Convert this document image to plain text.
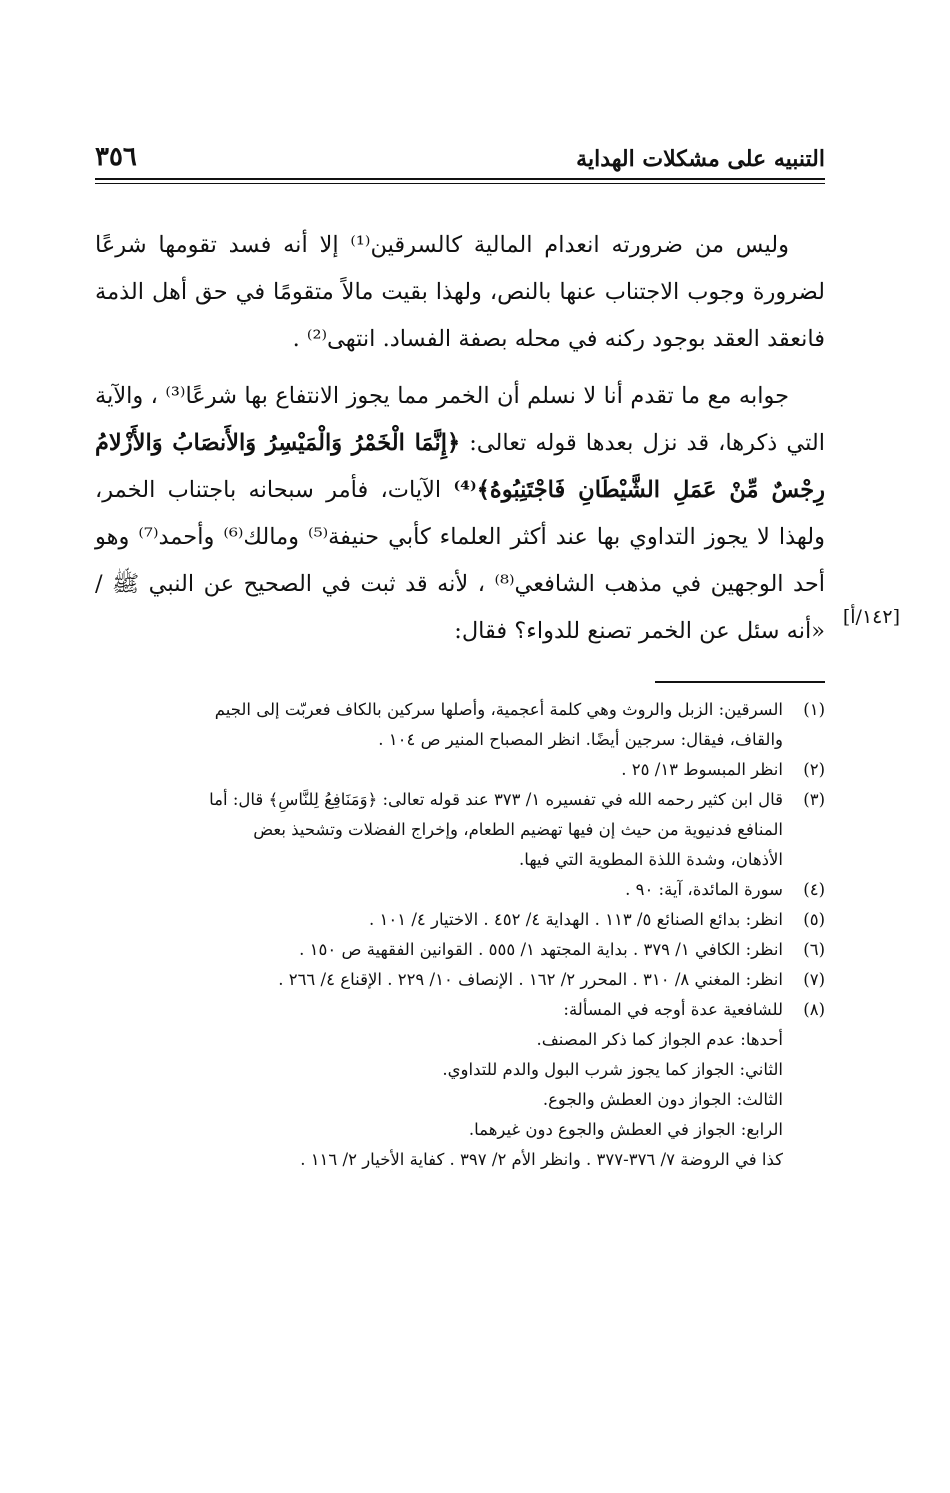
التنبيه على مشكلات الهداية
٣٥٦

وليس من ضرورته انعدام المالية كالسرقين⁽¹⁾ إلا أنه فسد تقومها شرعًا لضرورة وجوب الاجتناب عنها بالنص، ولهذا بقيت مالاً متقومًا في حق أهل الذمة فانعقد العقد بوجود ركنه في محله بصفة الفساد. انتهى⁽²⁾ .

جوابه مع ما تقدم أنا لا نسلم أن الخمر مما يجوز الانتفاع بها شرعًا⁽³⁾ ، والآية التي ذكرها، قد نزل بعدها قوله تعالى: ﴿إِنَّمَا الْخَمْرُ وَالْمَيْسِرُ وَالأَنصَابُ وَالأَزْلامُ رِجْسٌ مِّنْ عَمَلِ الشَّيْطَانِ فَاجْتَنِبُوهُ﴾⁽⁴⁾ الآيات، فأمر سبحانه باجتناب الخمر، ولهذا لا يجوز التداوي بها عند أكثر العلماء كأبي حنيفة⁽⁵⁾ ومالك⁽⁶⁾ وأحمد⁽⁷⁾ وهو أحد الوجهين في مذهب الشافعي⁽⁸⁾ ، لأنه قد ثبت في الصحيح عن النبي ﷺ / «أنه سئل عن الخمر تصنع للدواء؟ فقال:

[١٤٢/أ]
(١)
السرقين: الزبل والروث وهي كلمة أعجمية، وأصلها سركين بالكاف فعربّت إلى الجيم
والقاف، فيقال: سرجين أيضًا. انظر المصباح المنير ص ١٠٤ .
(٢)
انظر المبسوط ١٣/ ٢٥ .
(٣)
قال ابن كثير رحمه الله في تفسيره ١/ ٣٧٣ عند قوله تعالى: ﴿وَمَنَافِعُ لِلنَّاسِ﴾ قال: أما
المنافع فدنيوية من حيث إن فيها تهضيم الطعام، وإخراج الفضلات وتشحيذ بعض
الأذهان، وشدة اللذة المطوية التي فيها.
(٤)
سورة المائدة، آية: ٩٠ .
(٥)
انظر: بدائع الصنائع ٥/ ١١٣ . الهداية ٤/ ٤٥٢ . الاختيار ٤/ ١٠١ .
(٦)
انظر: الكافي ١/ ٣٧٩ . بداية المجتهد ١/ ٥٥٥ . القوانين الفقهية ص ١٥٠ .
(٧)
انظر: المغني ٨/ ٣١٠ . المحرر ٢/ ١٦٢ . الإنصاف ١٠/ ٢٢٩ . الإقناع ٤/ ٢٦٦ .
(٨)
للشافعية عدة أوجه في المسألة:
أحدها: عدم الجواز كما ذكر المصنف.
الثاني: الجواز كما يجوز شرب البول والدم للتداوي.
الثالث: الجواز دون العطش والجوع.
الرابع: الجواز في العطش والجوع دون غيرهما.
كذا في الروضة ٧/ ٣٧٦-٣٧٧ . وانظر الأم ٢/ ٣٩٧ . كفاية الأخيار ٢/ ١١٦ .
